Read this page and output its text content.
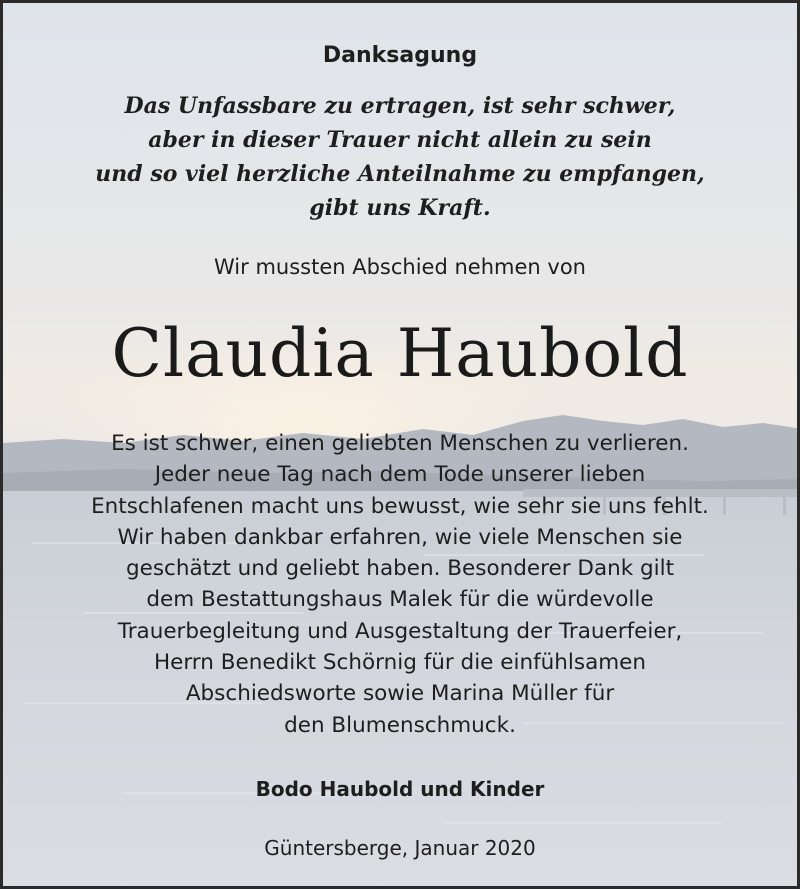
Danksagung
Das Unfassbare zu ertragen, ist sehr schwer,
aber in dieser Trauer nicht allein zu sein
und so viel herzliche Anteilnahme zu empfangen,
gibt uns Kraft.
Wir mussten Abschied nehmen von
Claudia Haubold
Es ist schwer, einen geliebten Menschen zu verlieren.
Jeder neue Tag nach dem Tode unserer lieben
Entschlafenen macht uns bewusst, wie sehr sie uns fehlt.
Wir haben dankbar erfahren, wie viele Menschen sie
geschätzt und geliebt haben. Besonderer Dank gilt
dem Bestattungshaus Malek für die würdevolle
Trauerbegleitung und Ausgestaltung der Trauerfeier,
Herrn Benedikt Schörnig für die einfühlsamen
Abschiedsworte sowie Marina Müller für
den Blumenschmuck.
Bodo Haubold und Kinder
Güntersberge, Januar 2020
